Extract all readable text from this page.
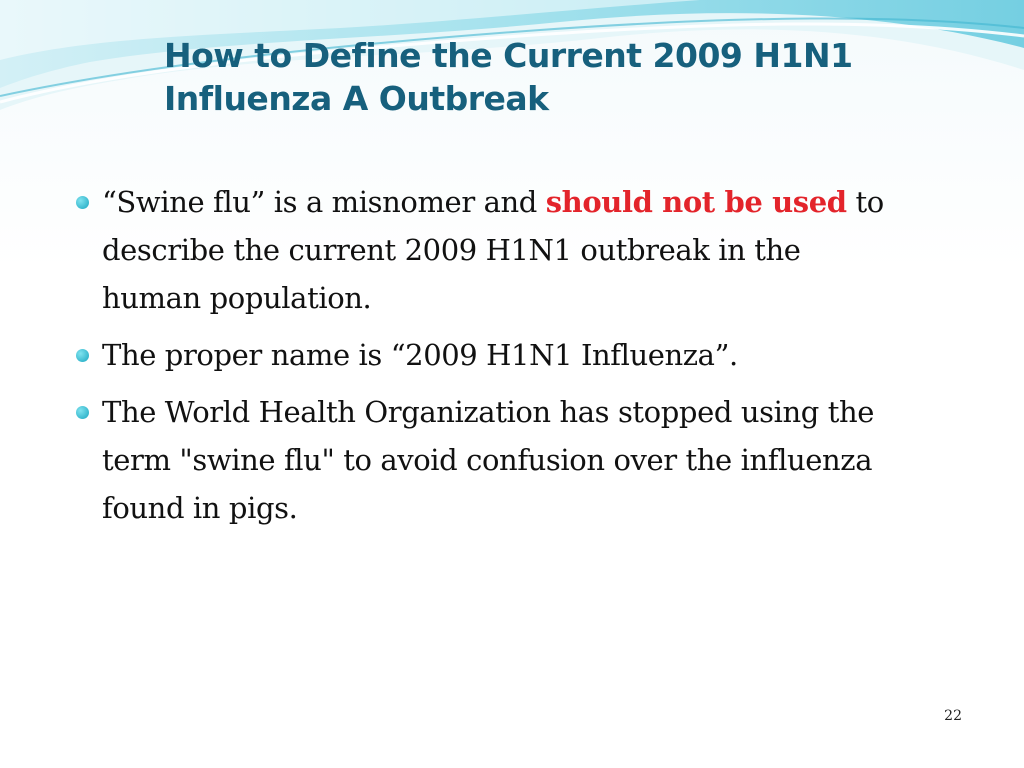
How to Define the Current 2009 H1N1
Influenza A Outbreak
“Swine flu” is a misnomer and should not be used to describe the current 2009 H1N1 outbreak in the human population.
The proper name is “2009 H1N1 Influenza”.
The World Health Organization has stopped using the term "swine flu" to avoid confusion over the influenza found in pigs.
22
